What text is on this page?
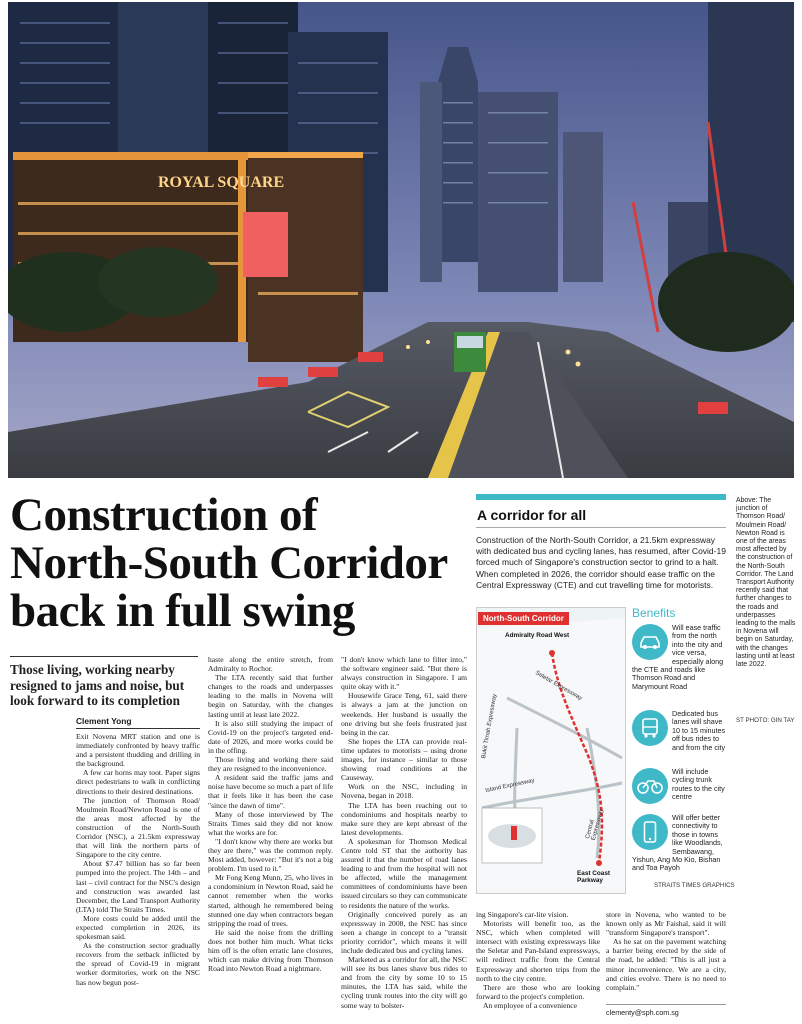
ROYAL SQUARE
Construction of
North-South Corridor
back in full swing
Those living, working nearby resigned to jams and noise, but look forward to its completion
Clement Yong

Exit Novena MRT station and one is immediately confronted by heavy traffic and a persistent thudding and drilling in the background.

A few car horns may toot. Paper signs direct pedestrians to walk in conflicting directions to their desired destinations.

The junction of Thomson Road/ Moulmein Road/Newton Road is one of the areas most affected by the construction of the North-South Corridor (NSC), a 21.5km expressway that will link the northern parts of Singapore to the city centre.

About $7.47 billion has so far been pumped into the project. The 14th – and last – civil contract for the NSC's design and construction was awarded last December, the Land Transport Authority (LTA) told The Straits Times.

More costs could be added until the expected completion in 2026, its spokesman said.

As the construction sector gradually recovers from the setback inflicted by the spread of Covid-19 in migrant worker dormitories, work on the NSC has now begun post-

haste along the entire stretch, from Admiralty to Rochor.

The LTA recently said that further changes to the roads and underpasses leading to the malls in Novena will begin on Saturday, with the changes lasting until at least late 2022.

It is also still studying the impact of Covid-19 on the project's targeted end-date of 2026, and more works could be in the offing.

Those living and working there said they are resigned to the inconvenience.

A resident said the traffic jams and noise have become so much a part of life that it feels like it has been the case "since the dawn of time".

Many of those interviewed by The Straits Times said they did not know what the works are for.

"I don't know why there are works but they are there," was the common reply. Most added, however: "But it's not a big problem. I'm used to it."

Mr Fong Keng Munn, 25, who lives in a condominium in Newton Road, said he cannot remember when the works started, although he remembered being stunned one day when contractors began stripping the road of trees.

He said the noise from the drilling does not bother him much. What ticks him off is the often erratic lane closures, which can make driving from Thomson Road into Newton Road a nightmare.

"I don't know which lane to filter into," the software engineer said. "But there is always construction in Singapore. I am quite okay with it."

Housewife Grace Teng, 61, said there is always a jam at the junction on weekends. Her husband is usually the one driving but she feels frustrated just being in the car.

She hopes the LTA can provide real-time updates to motorists – using drone images, for instance – similar to those showing road conditions at the Causeway.

Work on the NSC, including in Novena, began in 2018.

The LTA has been reaching out to condominiums and hospitals nearby to make sure they are kept abreast of the latest developments.

A spokesman for Thomson Medical Centre told ST that the authority has assured it that the number of road lanes leading to and from the hospital will not be affected, while the management committees of condominiums have been issued circulars so they can communicate to residents the nature of the works.

Originally conceived purely as an expressway in 2008, the NSC has since seen a change in concept to a "transit priority corridor", which means it will include dedicated bus and cycling lanes.

Marketed as a corridor for all, the NSC will see its bus lanes shave bus rides to and from the city by some 10 to 15 minutes, the LTA has said, while the cycling trunk routes into the city will go some way to bolster-

ing Singapore's car-lite vision.

Motorists will benefit too, as the NSC, which when completed will intersect with existing expressways like the Seletar and Pan-Island expressways, will redirect traffic from the Central Expressway and shorten trips from the north to the city centre.

There are those who are looking forward to the project's completion.

An employee of a convenience

store in Novena, who wanted to be known only as Mr Faishal, said it will "transform Singapore's transport".

As he sat on the pavement watching a barrier being erected by the side of the road, he added: "This is all just a minor inconvenience. We are a city, and cities evolve. There is no need to complain."

clementy@sph.com.sg
A corridor for all
Construction of the North-South Corridor, a 21.5km expressway with dedicated bus and cycling lanes, has resumed, after Covid-19 forced much of Singapore's construction sector to grind to a halt. When completed in 2026, the corridor should ease traffic on the Central Expressway (CTE) and cut travelling time for motorists.
Admiralty Road West
Seletar Expressway
Bukit Timah Expressway
Island Expressway
Central Expressway
East Coast Parkway
North-South Corridor	Benefits
Will ease traffic from the north into the city and vice versa, especially along the CTE and roads like Thomson Road and Marymount Road
Dedicated bus lanes will shave 10 to 15 minutes off bus rides to and from the city
Will include cycling trunk routes to the city centre
Will offer better connectivity to those in towns like Woodlands, Sembawang, Yishun, Ang Mo Kio, Bishan and Toa Payoh
STRAITS TIMES GRAPHICS
Above: The junction of Thomson Road/ Moulmein Road/ Newton Road is one of the areas most affected by the construction of the North-South Corridor. The Land Transport Authority recently said that further changes to the roads and underpasses leading to the malls in Novena will begin on Saturday, with the changes lasting until at least late 2022.
ST PHOTO: GIN TAY
